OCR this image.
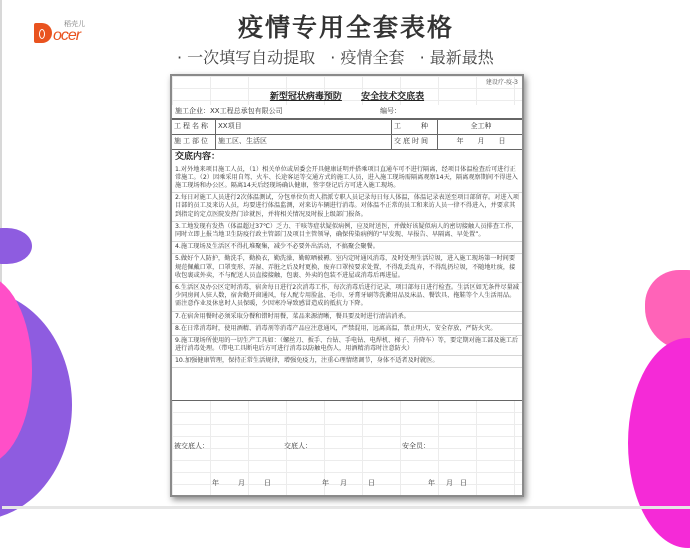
稻壳儿
ocer	疫情专用全套表格
· 一次填写自动提取 · 疫情全套 · 最新最热
建设疗-疫-3
新型冠状病毒预防 安全技术交底表
施工企业：XX工程总承包有限公司	编号：
工程名称	XX项目	工　　种	全工种
施工部位	施工区、生活区	交底时间	年　　月　　日
交底内容：
1.对外地来项目施工人员，（1）相关单位或居委会开具健康证明并搭乘项目直通车可不进行隔离，经项目体温检查后可进行正常施工。（2）因乘采用自驾、火车、长途客运等交通方式的施工人员，进入施工现场需隔离观察14天，隔离观察期间不得进入施工现场和办公区。隔离14天后经现场确认健康，签字登记后方可进入施工现场。
2.每日对施工人员进行2次体温测试，分包单位负责人指派专职人员记录每日每人体温，体温记录表送至项目部留存。对进入项目部的员工及来访人员，均要进行体温监测，对来访车辆进行消毒。对体温不正常的员工和来访人员一律不得进入，并要求其到指定的定点医院发热门诊就医，并将相关情况及时报上级部门报备。
3.工地发现有发热（体温超过37℃）乏力、干咳等症状疑似病例，应及时送医，并做好该疑似病人的密切接触人员排查工作，同时立即上报当地卫生防疫行政主管部门及项目主管领导，确保传染病例的“早发现、早报告、早隔离、早处置”。
4.施工现场及生活区不得扎堆聚集，减少不必要外出活动，不搞聚会聚餐。
5.做好个人防护，勤洗手，勤换衣，勤洗澡，勤晾晒被褥。室内定时通风消毒，及时处理生活垃圾，进入施工现场第一时间要规范佩戴口罩，口罩变形、弄湿、弄脏之后及时更换，废弃口罩按要求处置，不得乱丢乱弃，不得乱扔垃圾，不随地吐痰，接收包裹或外卖，不与配送人员直接接触，包裹、外卖的包装不进屋或消毒后再进屋。
6.生活区及办公区定时消毒，宿舍每日进行2次消毒工作，每次消毒后进行记录，项目部每日进行检查。生活区如无条件尽量减少同房间人驻人数，宿舍勤开窗通风，每人配专用脸盆、毛巾、牙膏牙刷等洗漱用品及床品、餐饮具、拖鞋等个人生活用品。需注意作业及休息时人员保暖，少因寒冷导致感冒造成的抵抗力下降。
7.在宿舍用餐时必须采取分餐和错时用餐，菜品来源清晰，餐具要及时进行清洁消杀。
8.在日常消毒时，使用酒精、消毒剂等消毒产品应注意通风，严禁混用，远离高温，禁止明火，安全存放，严防火灾。
9.施工现场所使用的一切生产工具如：（螺丝刀、扳手、台钻、手电钻、电焊机、梯子、升降车）等，要定期对施工部及施工后进行消毒处理。（带电工具断电后方可进行消毒以防触电伤人，用酒精消毒时注意防火）
10.加强健康管理，保持正常生活规律，增强免疫力，注重心理情绪调节，身体不适者及时就医。
被交底人：	交底人：	安全员：
年	月	日	年	月	日	年	月	日
